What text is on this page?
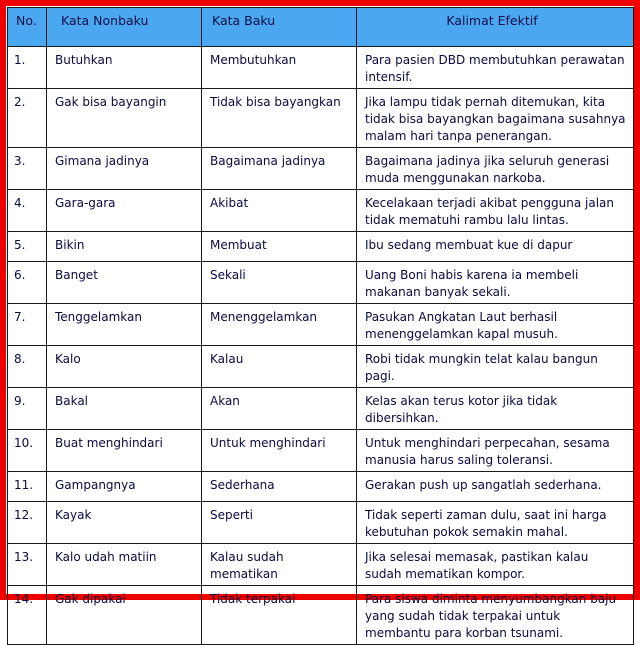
No.	Kata Nonbaku	Kata Baku	Kalimat Efektif
1.	Butuhkan	Membutuhkan	Para pasien DBD membutuhkan perawatan intensif.
2.	Gak bisa bayangin	Tidak bisa bayangkan	Jika lampu tidak pernah ditemukan, kita tidak bisa bayangkan bagaimana susahnya malam hari tanpa penerangan.
3.	Gimana jadinya	Bagaimana jadinya	Bagaimana jadinya jika seluruh generasi muda menggunakan narkoba.
4.	Gara-gara	Akibat	Kecelakaan terjadi akibat pengguna jalan tidak mematuhi rambu lalu lintas.
5.	Bikin	Membuat	Ibu sedang membuat kue di dapur
6.	Banget	Sekali	Uang Boni habis karena ia membeli makanan banyak sekali.
7.	Tenggelamkan	Menenggelamkan	Pasukan Angkatan Laut berhasil menenggelamkan kapal musuh.
8.	Kalo	Kalau	Robi tidak mungkin telat kalau bangun pagi.
9.	Bakal	Akan	Kelas akan terus kotor jika tidak dibersihkan.
10.	Buat menghindari	Untuk menghindari	Untuk menghindari perpecahan, sesama manusia harus saling toleransi.
11.	Gampangnya	Sederhana	Gerakan push up sangatlah sederhana.
12.	Kayak	Seperti	Tidak seperti zaman dulu, saat ini harga kebutuhan pokok semakin mahal.
13.	Kalo udah matiin	Kalau sudah mematikan	Jika selesai memasak, pastikan kalau sudah mematikan kompor.
14.	Gak dipakai	Tidak terpakai	Para siswa diminta menyumbangkan baju yang sudah tidak terpakai untuk membantu para korban tsunami.
